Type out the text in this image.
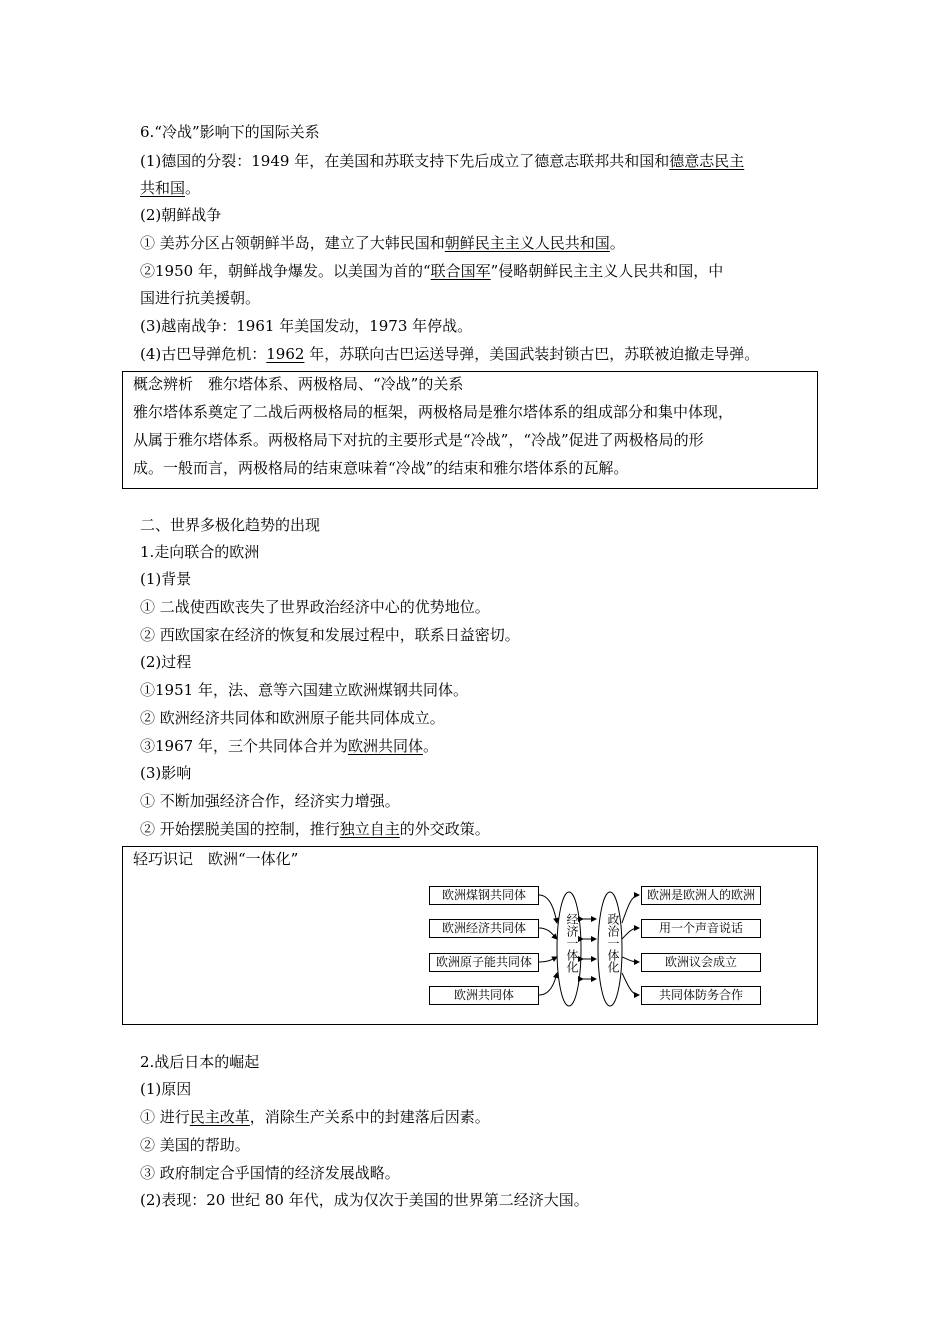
6.“冷战”影响下的国际关系
(1)德国的分裂：1949 年，在美国和苏联支持下先后成立了德意志联邦共和国和德意志民主
共和国。
(2)朝鲜战争
① 美苏分区占领朝鲜半岛，建立了大韩民国和朝鲜民主主义人民共和国。
②1950 年，朝鲜战争爆发。以美国为首的“联合国军”侵略朝鲜民主主义人民共和国，中
国进行抗美援朝。
(3)越南战争：1961 年美国发动，1973 年停战。
(4)古巴导弹危机：1962 年，苏联向古巴运送导弹，美国武装封锁古巴，苏联被迫撤走导弹。
概念辨析　雅尔塔体系、两极格局、“冷战”的关系
雅尔塔体系奠定了二战后两极格局的框架，两极格局是雅尔塔体系的组成部分和集中体现，
从属于雅尔塔体系。两极格局下对抗的主要形式是“冷战”，“冷战”促进了两极格局的形
成。一般而言，两极格局的结束意味着“冷战”的结束和雅尔塔体系的瓦解。
二、世界多极化趋势的出现
1.走向联合的欧洲
(1)背景
① 二战使西欧丧失了世界政治经济中心的优势地位。
② 西欧国家在经济的恢复和发展过程中，联系日益密切。
(2)过程
①1951 年，法、意等六国建立欧洲煤钢共同体。
② 欧洲经济共同体和欧洲原子能共同体成立。
③1967 年，三个共同体合并为欧洲共同体。
(3)影响
① 不断加强经济合作，经济实力增强。
② 开始摆脱美国的控制，推行独立自主的外交政策。
轻巧识记　欧洲“一体化”
欧洲煤钢共同体
欧洲经济共同体
欧洲原子能共同体
欧洲共同体
经济一体化	政治一体化
欧洲是欧洲人的欧洲
用一个声音说话
欧洲议会成立
共同体防务合作
2.战后日本的崛起
(1)原因
① 进行民主改革，消除生产关系中的封建落后因素。
② 美国的帮助。
③ 政府制定合乎国情的经济发展战略。
(2)表现：20 世纪 80 年代，成为仅次于美国的世界第二经济大国。
